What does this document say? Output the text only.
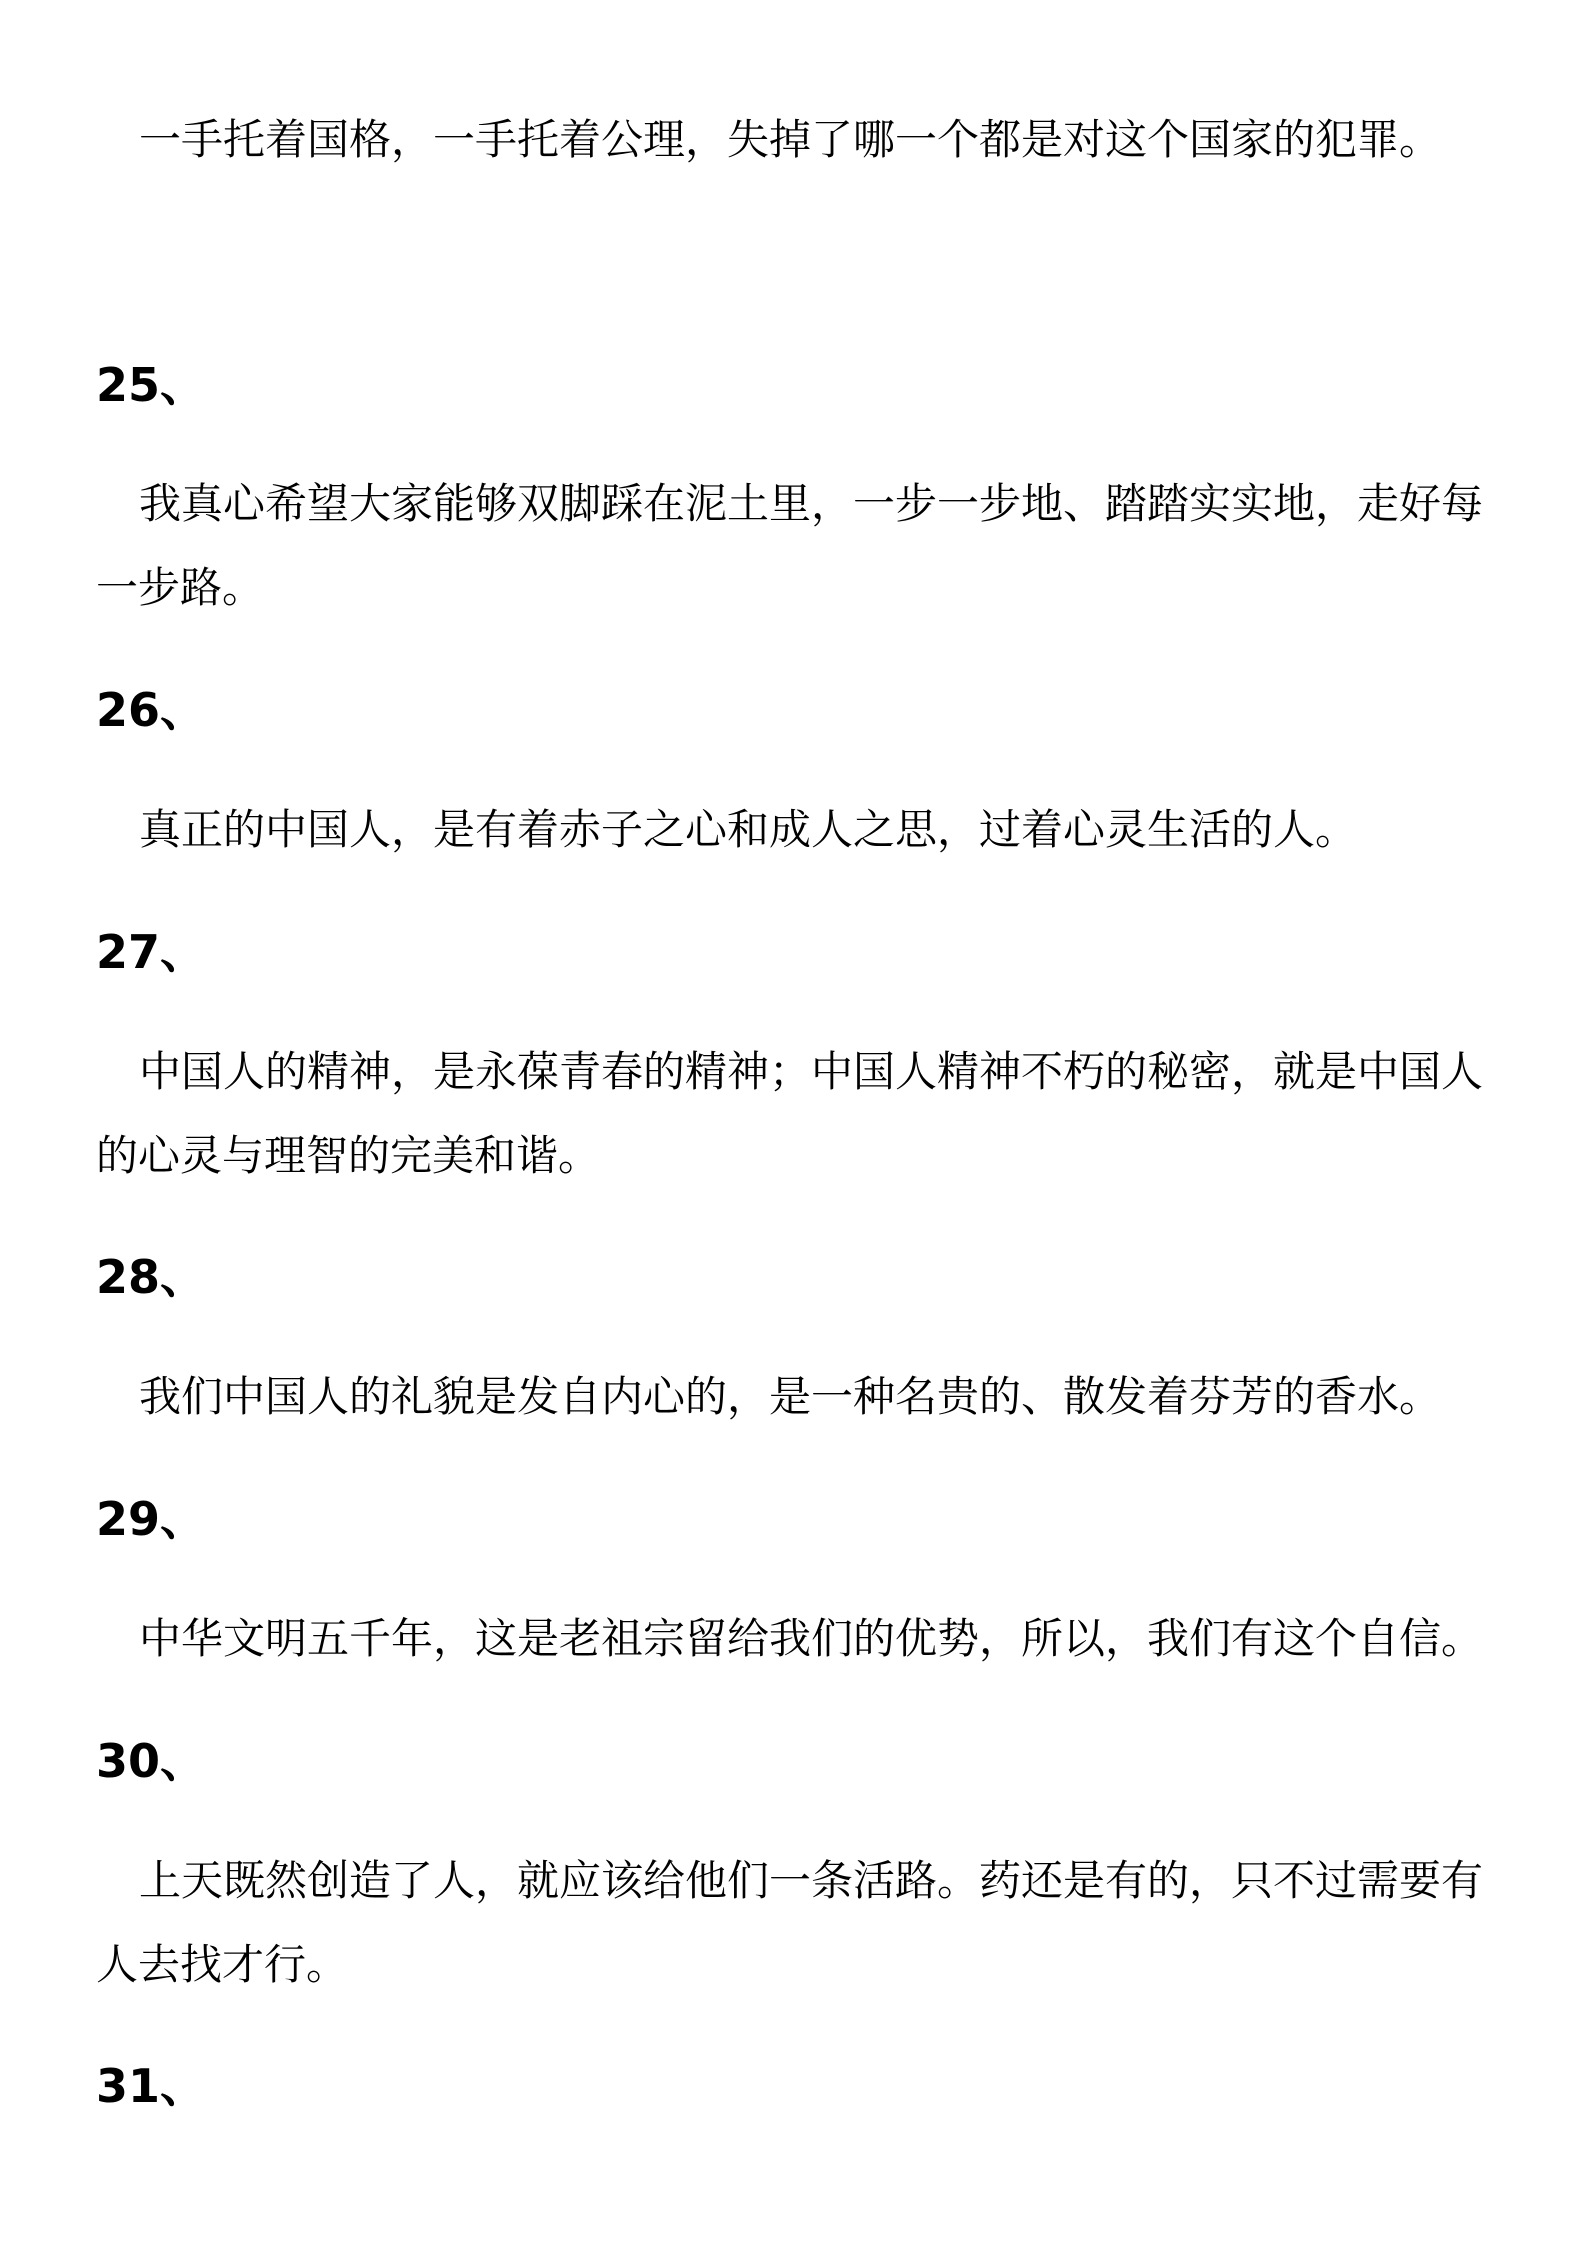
一手托着国格，一手托着公理，失掉了哪一个都是对这个国家的犯罪。

25、

我真心希望大家能够双脚踩在泥土里，一步一步地、踏踏实实地，走好每一步路。

26、

真正的中国人，是有着赤子之心和成人之思，过着心灵生活的人。

27、

中国人的精神，是永葆青春的精神；中国人精神不朽的秘密，就是中国人的心灵与理智的完美和谐。

28、

我们中国人的礼貌是发自内心的，是一种名贵的、散发着芬芳的香水。

29、

中华文明五千年，这是老祖宗留给我们的优势，所以，我们有这个自信。

30、

上天既然创造了人，就应该给他们一条活路。药还是有的，只不过需要有人去找才行。

31、
